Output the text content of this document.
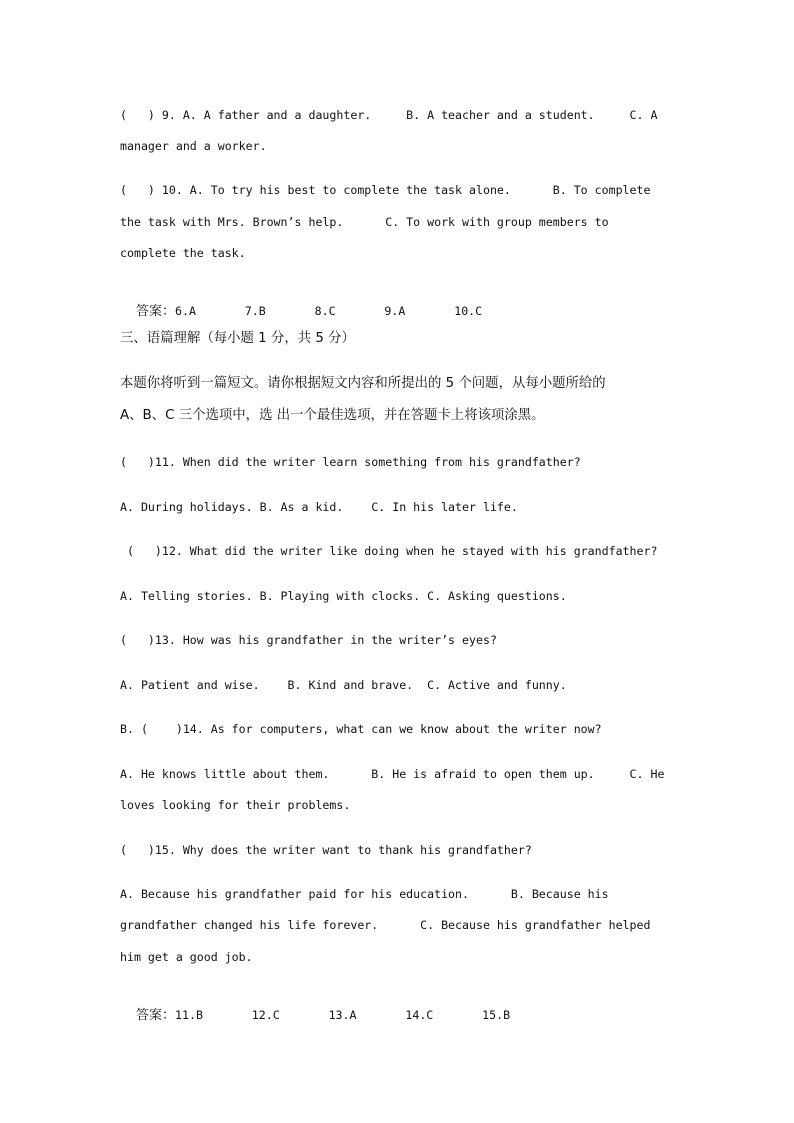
(   ) 9. A. A father and a daughter.     B. A teacher and a student.     C. A
manager and a worker.
(   ) 10. A. To try his best to complete the task alone.      B. To complete
the task with Mrs. Brown’s help.      C. To work with group members to
complete the task.

答案：6.A       7.B       8.C       9.A       10.C

三、语篇理解（每小题 1 分，共 5 分）
本题你将听到一篇短文。请你根据短文内容和所提出的 5 个问题，从每小题所给的
A、B、C 三个选项中，选 出一个最佳选项，并在答题卡上将该项涂黑。
(   )11. When did the writer learn something from his grandfather?
A. During holidays. B. As a kid.    C. In his later life.
(   )12. What did the writer like doing when he stayed with his grandfather?
A. Telling stories. B. Playing with clocks. C. Asking questions.
(   )13. How was his grandfather in the writer’s eyes?
A. Patient and wise.    B. Kind and brave.  C. Active and funny.
B. (    )14. As for computers, what can we know about the writer now?
A. He knows little about them.      B. He is afraid to open them up.     C. He
loves looking for their problems.
(   )15. Why does the writer want to thank his grandfather?
A. Because his grandfather paid for his education.      B. Because his
grandfather changed his life forever.      C. Because his grandfather helped
him get a good job.

答案：11.B       12.C       13.A       14.C       15.B
